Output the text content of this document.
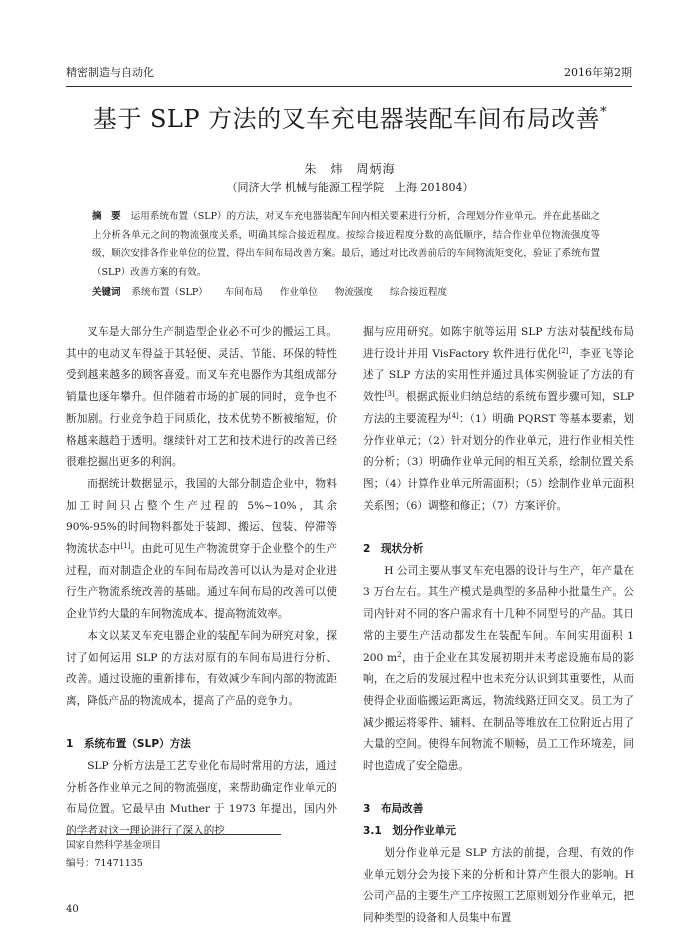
精密制造与自动化	2016年第2期
基于 SLP 方法的叉车充电器装配车间布局改善*
朱　炜　周炳海
（同济大学 机械与能源工程学院　上海 201804）
摘　要 运用系统布置（SLP）的方法，对叉车充电器装配车间内相关要素进行分析，合理划分作业单元。并在此基础之上分析各单元之间的物流强度关系，明确其综合接近程度。按综合接近程度分数的高低顺序，结合作业单位物流强度等级，顺次安排各作业单位的位置，得出车间布局改善方案。最后，通过对比改善前后的车间物流矩变化，验证了系统布置（SLP）改善方案的有效。
关键词 系统布置（SLP） 车间布局 作业单位 物流强度 综合接近程度

叉车是大部分生产制造型企业必不可少的搬运工具。其中的电动叉车得益于其轻便、灵活、节能、环保的特性受到越来越多的顾客喜爱。而叉车充电器作为其组成部分销量也逐年攀升。但伴随着市场的扩展的同时，竞争也不断加剧。行业竞争趋于同质化，技术优势不断被缩短，价格越来越趋于透明。继续针对工艺和技术进行的改善已经很难挖掘出更多的利润。

而据统计数据显示，我国的大部分制造企业中，物料加工时间只占整个生产过程的 5%~10%，其余 90%-95%的时间物料都处于装卸、搬运、包装、停滞等物流状态中[1]。由此可见生产物流贯穿于企业整个的生产过程，而对制造企业的车间布局改善可以认为是对企业进行生产物流系统改善的基础。通过车间布局的改善可以使企业节约大量的车间物流成本、提高物流效率。

本文以某叉车充电器企业的装配车间为研究对象，探讨了如何运用 SLP 的方法对原有的车间布局进行分析、改善。通过设施的重新排布，有效减少车间内部的物流距离，降低产品的物流成本，提高了产品的竞争力。

1　系统布置（SLP）方法

SLP 分析方法是工艺专业化布局时常用的方法，通过分析各作业单元之间的物流强度，来帮助确定作业单元的布局位置。它最早由 Muther 于 1973 年提出，国内外的学者对这一理论进行了深入的挖

掘与应用研究。如陈宇航等运用 SLP 方法对装配线布局进行设计并用 VisFactory 软件进行优化[2]，李亚飞等论述了 SLP 方法的实用性并通过具体实例验证了方法的有效性[3]。根据武振业归纳总结的系统布置步骤可知，SLP 方法的主要流程为[4]：（1）明确 PQRST 等基本要素，划分作业单元；（2）针对划分的作业单元，进行作业相关性的分析；（3）明确作业单元间的相互关系，绘制位置关系图；（4）计算作业单元所需面积；（5）绘制作业单元面积关系图；（6）调整和修正；（7）方案评价。

2　现状分析

H 公司主要从事叉车充电器的设计与生产，年产量在 3 万台左右。其生产模式是典型的多品种小批量生产。公司内针对不同的客户需求有十几种不同型号的产品。其日常的主要生产活动都发生在装配车间。车间实用面积 1 200 m$^2$，由于企业在其发展初期并未考虑设施布局的影响，在之后的发展过程中也未充分认识到其重要性，从而使得企业面临搬运距离远，物流线路迂回交叉。员工为了减少搬运将零件、辅料、在制品等堆放在工位附近占用了大量的空间。使得车间物流不顺畅，员工工作环境差，同时也造成了安全隐患。

3　布局改善
3.1　划分作业单元

划分作业单元是 SLP 方法的前提，合理、有效的作业单元划分会为接下来的分析和计算产生很大的影响。H 公司产品的主要生产工序按照工艺原则划分作业单元，把同种类型的设备和人员集中布置

国家自然科学基金项目
编号：71471135
40
